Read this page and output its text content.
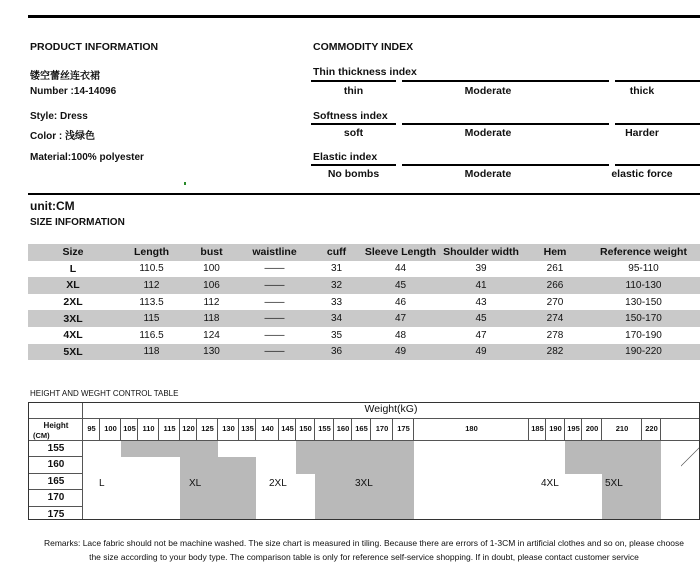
PRODUCT INFORMATION
镂空蕾丝连衣裙
Number :14-14096
Style: Dress
Color : 浅绿色
Material:100% polyester
COMMODITY INDEX
Thin thickness index
thin	Moderate	thick
Softness index
soft	Moderate	Harder
Elastic index
No bombs	Moderate	elastic force
unit:CM
SIZE INFORMATION
Size	Length	bust	waistline	cuff	Sleeve Length	Shoulder width	Hem	Reference weight
L	110.5	100	——	31	44	39	261	95-110
XL	112	106	——	32	45	41	266	110-130
2XL	113.5	112	——	33	46	43	270	130-150
3XL	115	118	——	34	47	45	274	150-170
4XL	116.5	124	——	35	48	47	278	170-190
5XL	118	130	——	36	49	49	282	190-220
HEIGHT AND WEGHT CONTROL TABLE
Weight(kG)
Height
(CM)
95	100 105 110	115 120 125	130 135 140 145 150 155 160 165	170	175	180	185 190 195 200	210	220
155
160
165
170
175
L	XL	2XL	3XL	4XL	5XL
Remarks: Lace fabric should not be machine washed. The size chart is measured in tiling. Because there are errors of 1-3CM in artificial clothes and so on, please choose
the size according to your body type. The comparison table is only for reference self-service shopping. If in doubt, please contact customer service
